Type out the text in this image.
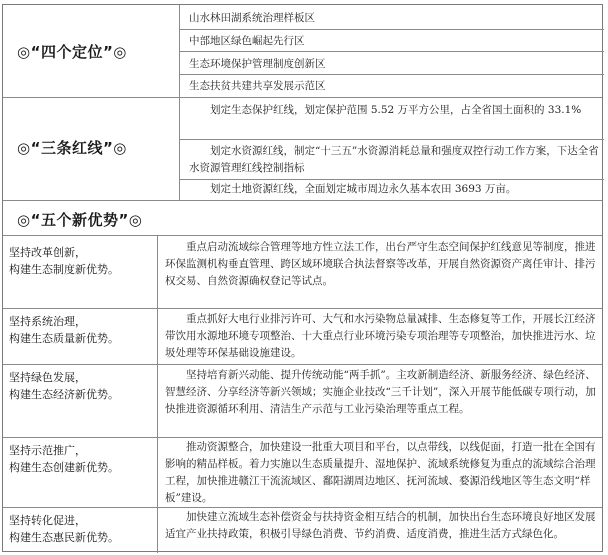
◎“四个定位”◎
山水林田湖系统治理样板区
中部地区绿色崛起先行区
生态环境保护管理制度创新区
生态扶贫共建共享发展示范区
◎“三条红线”◎
划定生态保护红线，划定保护范围 5.52 万平方公里，占全省国土面积的 33.1%
划定水资源红线，制定“十三五”水资源消耗总量和强度双控行动工作方案，下达全省水资源管理红线控制指标
划定土地资源红线，全面划定城市周边永久基本农田 3693 万亩。
◎“五个新优势”◎
坚持改革创新，
构建生态制度新优势。
重点启动流域综合管理等地方性立法工作，出台严守生态空间保护红线意见等制度，推进环保监测机构垂直管理、跨区域环境联合执法督察等改革，开展自然资源资产离任审计、排污权交易、自然资源确权登记等试点。
坚持系统治理，
构建生态质量新优势。
重点抓好大电行业排污许可、大气和水污染物总量减排、生态修复等工作，开展长江经济带饮用水源地环境专项整治、十大重点行业环境污染专项治理等专项整治，加快推进污水、垃圾处理等环保基础设施建设。
坚持绿色发展，
构建生态经济新优势。
坚持培育新兴动能、提升传统动能“两手抓”。主攻新制造经济、新服务经济、绿色经济、智慧经济、分享经济等新兴领域；实施企业技改“三千计划”，深入开展节能低碳专项行动，加快推进资源循环利用、清洁生产示范与工业污染治理等重点工程。
坚持示范推广，
构建生态创建新优势。
推动资源整合，加快建设一批重大项目和平台，以点带线，以线促面，打造一批在全国有影响的精品样板。着力实施以生态质量提升、湿地保护、流域系统修复为重点的流域综合治理工程，加快推进赣江干流流域区、鄱阳湖周边地区、抚河流域、婺源沿线地区等生态文明“样板”建设。
坚持转化促进，
构建生态惠民新优势。
加快建立流域生态补偿资金与扶持资金相互结合的机制，加快出台生态环境良好地区发展适宜产业扶持政策，积极引导绿色消费、节约消费、适度消费，推进生活方式绿色化。
